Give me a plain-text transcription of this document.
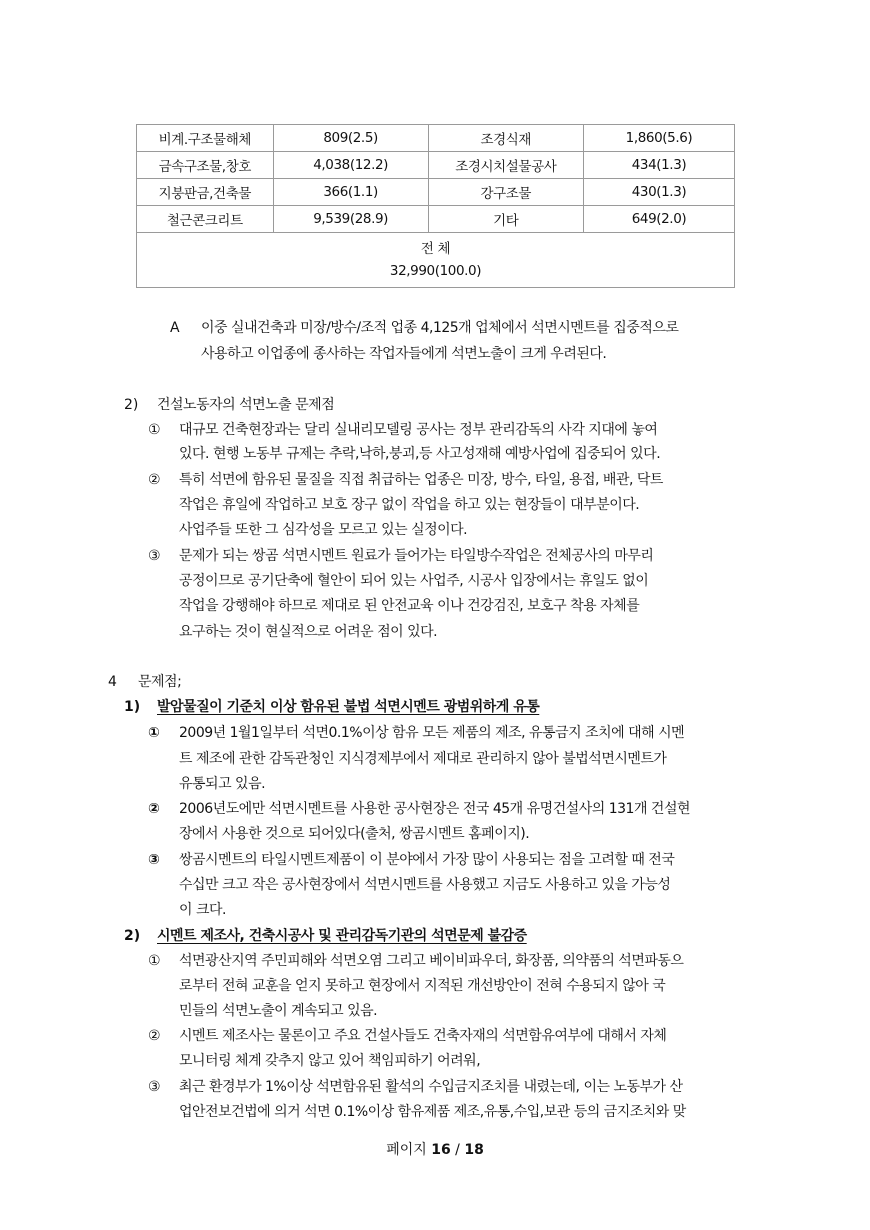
비계.구조물해체	809(2.5)	조경식재	1,860(5.6)
금속구조물,창호	4,038(12.2)	조경시치설물공사	434(1.3)
지붕판금,건축물	366(1.1)	강구조물	430(1.3)
철근콘크리트	9,539(28.9)	기타	649(2.0)

전 체
32,990(100.0)			
A 이중 실내건축과 미장/방수/조적 업종 4,125개 업체에서 석면시멘트를 집중적으로
사용하고 이업종에 종사하는 작업자들에게 석면노출이 크게 우려된다.
2) 건설노동자의 석면노출 문제점
① 대규모 건축현장과는 달리 실내리모델링 공사는 정부 관리감독의 사각 지대에 놓여
있다. 현행 노동부 규제는 추락,낙하,붕괴,등 사고성재해 예방사업에 집중되어 있다.
② 특히 석면에 함유된 물질을 직접 취급하는 업종은 미장, 방수, 타일, 용접, 배관, 닥트
작업은 휴일에 작업하고 보호 장구 없이 작업을 하고 있는 현장들이 대부분이다.
사업주들 또한 그 심각성을 모르고 있는 실정이다.
③ 문제가 되는 쌍곰 석면시멘트 원료가 들어가는 타일방수작업은 전체공사의 마무리
공정이므로 공기단축에 혈안이 되어 있는 사업주, 시공사 입장에서는 휴일도 없이
작업을 강행해야 하므로 제대로 된 안전교육 이나 건강검진, 보호구 착용 자체를
요구하는 것이 현실적으로 어려운 점이 있다.
4 문제점;
1) 발암물질이 기준치 이상 함유된 불법 석면시멘트 광범위하게 유통
① 2009년 1월1일부터 석면0.1%이상 함유 모든 제품의 제조, 유통금지 조치에 대해 시멘
트 제조에 관한 감독관청인 지식경제부에서 제대로 관리하지 않아 불법석면시멘트가
유통되고 있음.
② 2006년도에만 석면시멘트를 사용한 공사현장은 전국 45개 유명건설사의 131개 건설현
장에서 사용한 것으로 되어있다(출처, 쌍곰시멘트 홈페이지).
③ 쌍곰시멘트의 타일시멘트제품이 이 분야에서 가장 많이 사용되는 점을 고려할 때 전국
수십만 크고 작은 공사현장에서 석면시멘트를 사용했고 지금도 사용하고 있을 가능성
이 크다.
2) 시멘트 제조사, 건축시공사 및 관리감독기관의 석면문제 불감증
① 석면광산지역 주민피해와 석면오염 그리고 베이비파우더, 화장품, 의약품의 석면파동으
로부터 전혀 교훈을 얻지 못하고 현장에서 지적된 개선방안이 전혀 수용되지 않아 국
민들의 석면노출이 계속되고 있음.
② 시멘트 제조사는 물론이고 주요 건설사들도 건축자재의 석면함유여부에 대해서 자체
모니터링 체계 갖추지 않고 있어 책임피하기 어려워,
③ 최근 환경부가 1%이상 석면함유된 활석의 수입금지조치를 내렸는데, 이는 노동부가 산
업안전보건법에 의거 석면 0.1%이상 함유제품 제조,유통,수입,보관 등의 금지조치와 맞
페이지 16 / 18
